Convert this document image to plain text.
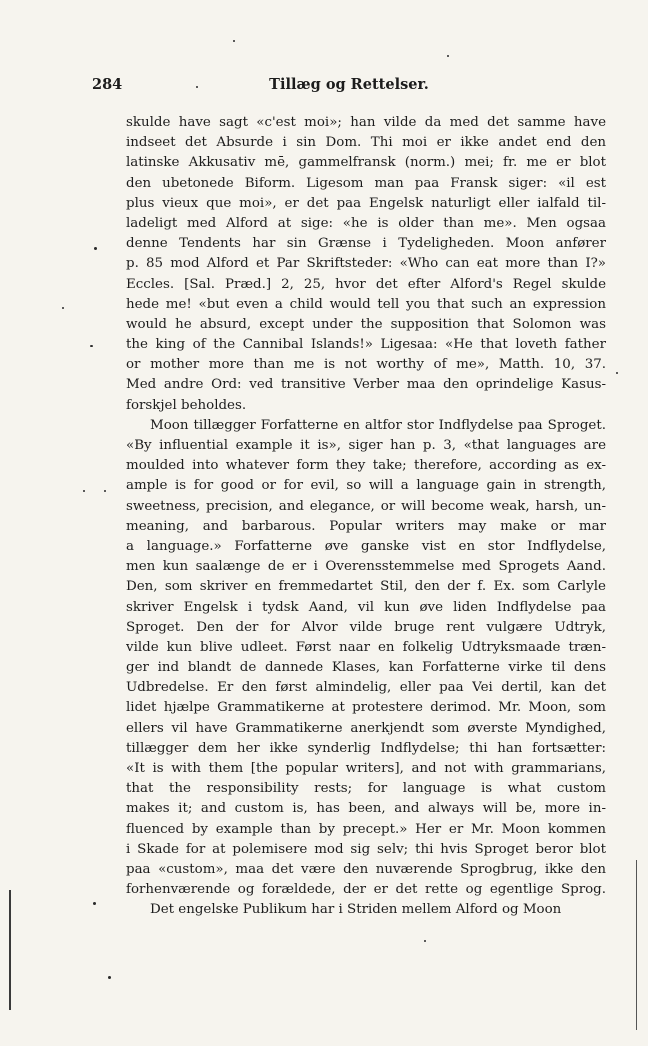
284	Tillæg og Rettelser.
skulde have sagt «c'est moi»; han vilde da med det samme have
indseet det Absurde i sin Dom. Thi moi er ikke andet end den
latinske Akkusativ mē, gammelfransk (norm.) mei; fr. me er blot
den ubetonede Biform. Ligesom man paa Fransk siger: «il est
plus vieux que moi», er det paa Engelsk naturligt eller ialfald til-
ladeligt med Alford at sige: «he is older than me». Men ogsaa
denne Tendents har sin Grænse i Tydeligheden. Moon anfører
p. 85 mod Alford et Par Skriftsteder: «Who can eat more than I?»
Eccles. [Sal. Præd.] 2, 25, hvor det efter Alford's Regel skulde
hede me! «but even a child would tell you that such an expression
would he absurd, except under the supposition that Solomon was
the king of the Cannibal Islands!» Ligesaa: «He that loveth father
or mother more than me is not worthy of me», Matth. 10, 37.
Med andre Ord: ved transitive Verber maa den oprindelige Kasus-
forskjel beholdes.
Moon tillægger Forfatterne en altfor stor Indflydelse paa Sproget.
«By influential example it is», siger han p. 3, «that languages are
moulded into whatever form they take; therefore, according as ex-
ample is for good or for evil, so will a language gain in strength,
sweetness, precision, and elegance, or will become weak, harsh, un-
meaning, and barbarous. Popular writers may make or mar
a language.» Forfatterne øve ganske vist en stor Indflydelse,
men kun saalænge de er i Overensstemmelse med Sprogets Aand.
Den, som skriver en fremmedartet Stil, den der f. Ex. som Carlyle
skriver Engelsk i tydsk Aand, vil kun øve liden Indflydelse paa
Sproget. Den der for Alvor vilde bruge rent vulgære Udtryk,
vilde kun blive udleet. Først naar en folkelig Udtryksmaade træn-
ger ind blandt de dannede Klases, kan Forfatterne virke til dens
Udbredelse. Er den først almindelig, eller paa Vei dertil, kan det
lidet hjælpe Grammatikerne at protestere derimod. Mr. Moon, som
ellers vil have Grammatikerne anerkjendt som øverste Myndighed,
tillægger dem her ikke synderlig Indflydelse; thi han fortsætter:
«It is with them [the popular writers], and not with grammarians,
that the responsibility rests; for language is what custom
makes it; and custom is, has been, and always will be, more in-
fluenced by example than by precept.» Her er Mr. Moon kommen
i Skade for at polemisere mod sig selv; thi hvis Sproget beror blot
paa «custom», maa det være den nuværende Sprogbrug, ikke den
forhenværende og forældede, der er det rette og egentlige Sprog.
Det engelske Publikum har i Striden mellem Alford og Moon
